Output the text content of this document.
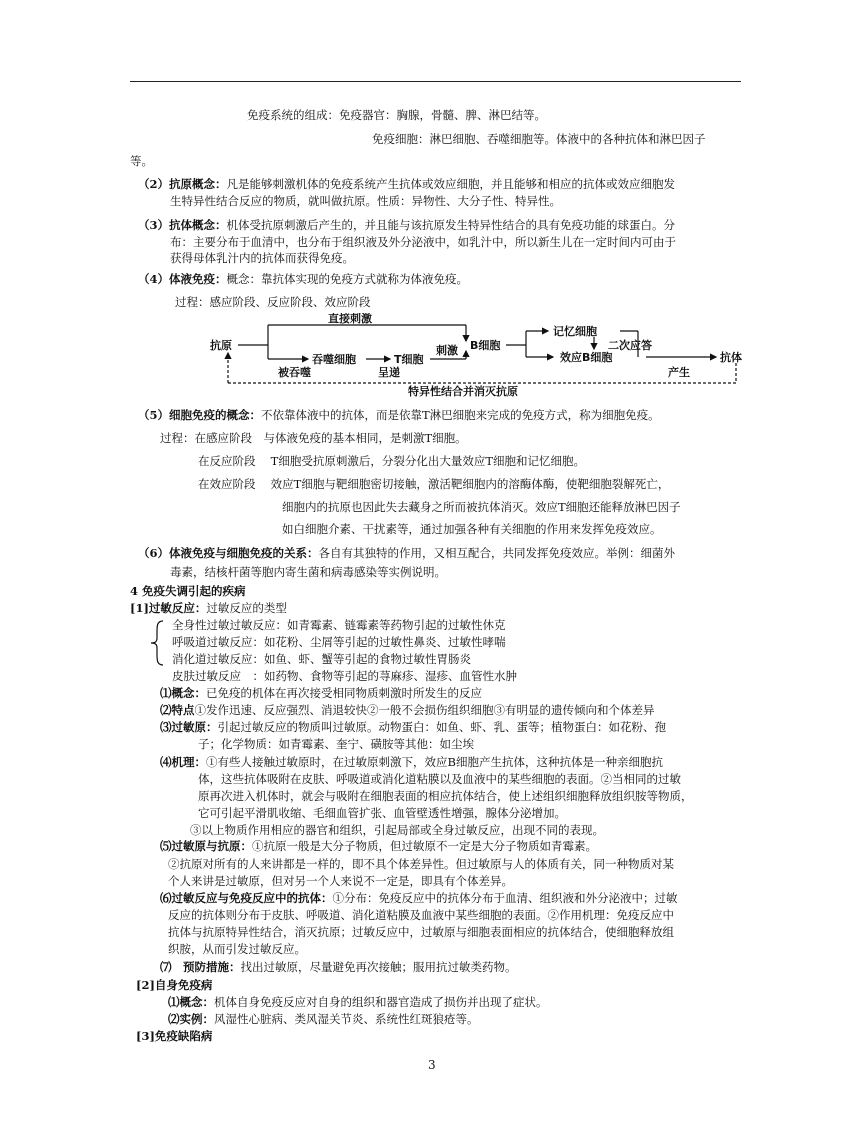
免疫系统的组成：免疫器官：胸腺，骨髓、脾、淋巴结等。
免疫细胞：淋巴细胞、吞噬细胞等。体液中的各种抗体和淋巴因子
等。
（2）抗原概念：凡是能够刺激机体的免疫系统产生抗体或效应细胞，并且能够和相应的抗体或效应细胞发
生特异性结合反应的物质，就叫做抗原。性质：异物性、大分子性、特异性。
（3）抗体概念：机体受抗原刺激后产生的，并且能与该抗原发生特异性结合的具有免疫功能的球蛋白。分
布：主要分布于血清中，也分布于组织液及外分泌液中，如乳汁中，所以新生儿在一定时间内可由于
获得母体乳汁内的抗体而获得免疫。
（4）体液免疫：概念：靠抗体实现的免疫方式就称为体液免疫。
过程：感应阶段、反应阶段、效应阶段
抗原
直接刺激
吞噬细胞	T细胞
B细胞
记忆细胞
二次应答
效应B细胞	抗体
被吞噬	呈递
刺激
产生
特异性结合并消灭抗原
（5）细胞免疫的概念：不依靠体液中的抗体，而是依靠T淋巴细胞来完成的免疫方式，称为细胞免疫。
过程：在感应阶段　与体液免疫的基本相同，是刺激T细胞。
在反应阶段　 T细胞受抗原刺激后，分裂分化出大量效应T细胞和记忆细胞。
在效应阶段　 效应T细胞与靶细胞密切接触，激活靶细胞内的溶酶体酶，使靶细胞裂解死亡，
细胞内的抗原也因此失去藏身之所而被抗体消灭。效应T细胞还能释放淋巴因子
如白细胞介素、干扰素等，通过加强各种有关细胞的作用来发挥免疫效应。
（6）体液免疫与细胞免疫的关系：各自有其独特的作用，又相互配合，共同发挥免疫效应。举例：细菌外
毒素，结核杆菌等胞内寄生菌和病毒感染等实例说明。
4 免疫失调引起的疾病
[1]过敏反应：过敏反应的类型
全身性过敏过敏反应：如青霉素、链霉素等药物引起的过敏性休克
呼吸道过敏反应：如花粉、尘屑等引起的过敏性鼻炎、过敏性哮喘
消化道过敏反应：如鱼、虾、蟹等引起的食物过敏性胃肠炎
皮肤过敏反应　：如药物、食物等引起的荨麻疹、湿疹、血管性水肿
⑴概念：已免疫的机体在再次接受相同物质刺激时所发生的反应
⑵特点①发作迅速、反应强烈、消退较快②一般不会损伤组织细胞③有明显的遗传倾向和个体差异
⑶过敏原：引起过敏反应的物质叫过敏原。动物蛋白：如鱼、虾、乳、蛋等；植物蛋白：如花粉、孢
子；化学物质：如青霉素、奎宁、磺胺等其他：如尘埃
⑷机理：①有些人接触过敏原时，在过敏原刺激下，效应B细胞产生抗体，这种抗体是一种亲细胞抗
体，这些抗体吸附在皮肤、呼吸道或消化道粘膜以及血液中的某些细胞的表面。②当相同的过敏
原再次进入机体时，就会与吸附在细胞表面的相应抗体结合，使上述组织细胞释放组织胺等物质，
它可引起平滑肌收缩、毛细血管扩张、血管壁透性增强，腺体分泌增加。
③以上物质作用相应的器官和组织，引起局部或全身过敏反应，出现不同的表现。
⑸过敏原与抗原：①抗原一般是大分子物质，但过敏原不一定是大分子物质如青霉素。
②抗原对所有的人来讲都是一样的，即不具个体差异性。但过敏原与人的体质有关，同一种物质对某
个人来讲是过敏原，但对另一个人来说不一定是，即具有个体差异。
⑹过敏反应与免疫反应中的抗体：①分布：免疫反应中的抗体分布于血清、组织液和外分泌液中；过敏
反应的抗体则分布于皮肤、呼吸道、消化道粘膜及血液中某些细胞的表面。②作用机理：免疫反应中
抗体与抗原特异性结合，消灭抗原；过敏反应中，过敏原与细胞表面相应的抗体结合，使细胞释放组
织胺，从而引发过敏反应。
⑺　预防措施：找出过敏原，尽量避免再次接触；服用抗过敏类药物。
[2]自身免疫病
⑴概念：机体自身免疫反应对自身的组织和器官造成了损伤并出现了症状。
⑵实例：风湿性心脏病、类风湿关节炎、系统性红斑狼疮等。
[3]免疫缺陷病
3
